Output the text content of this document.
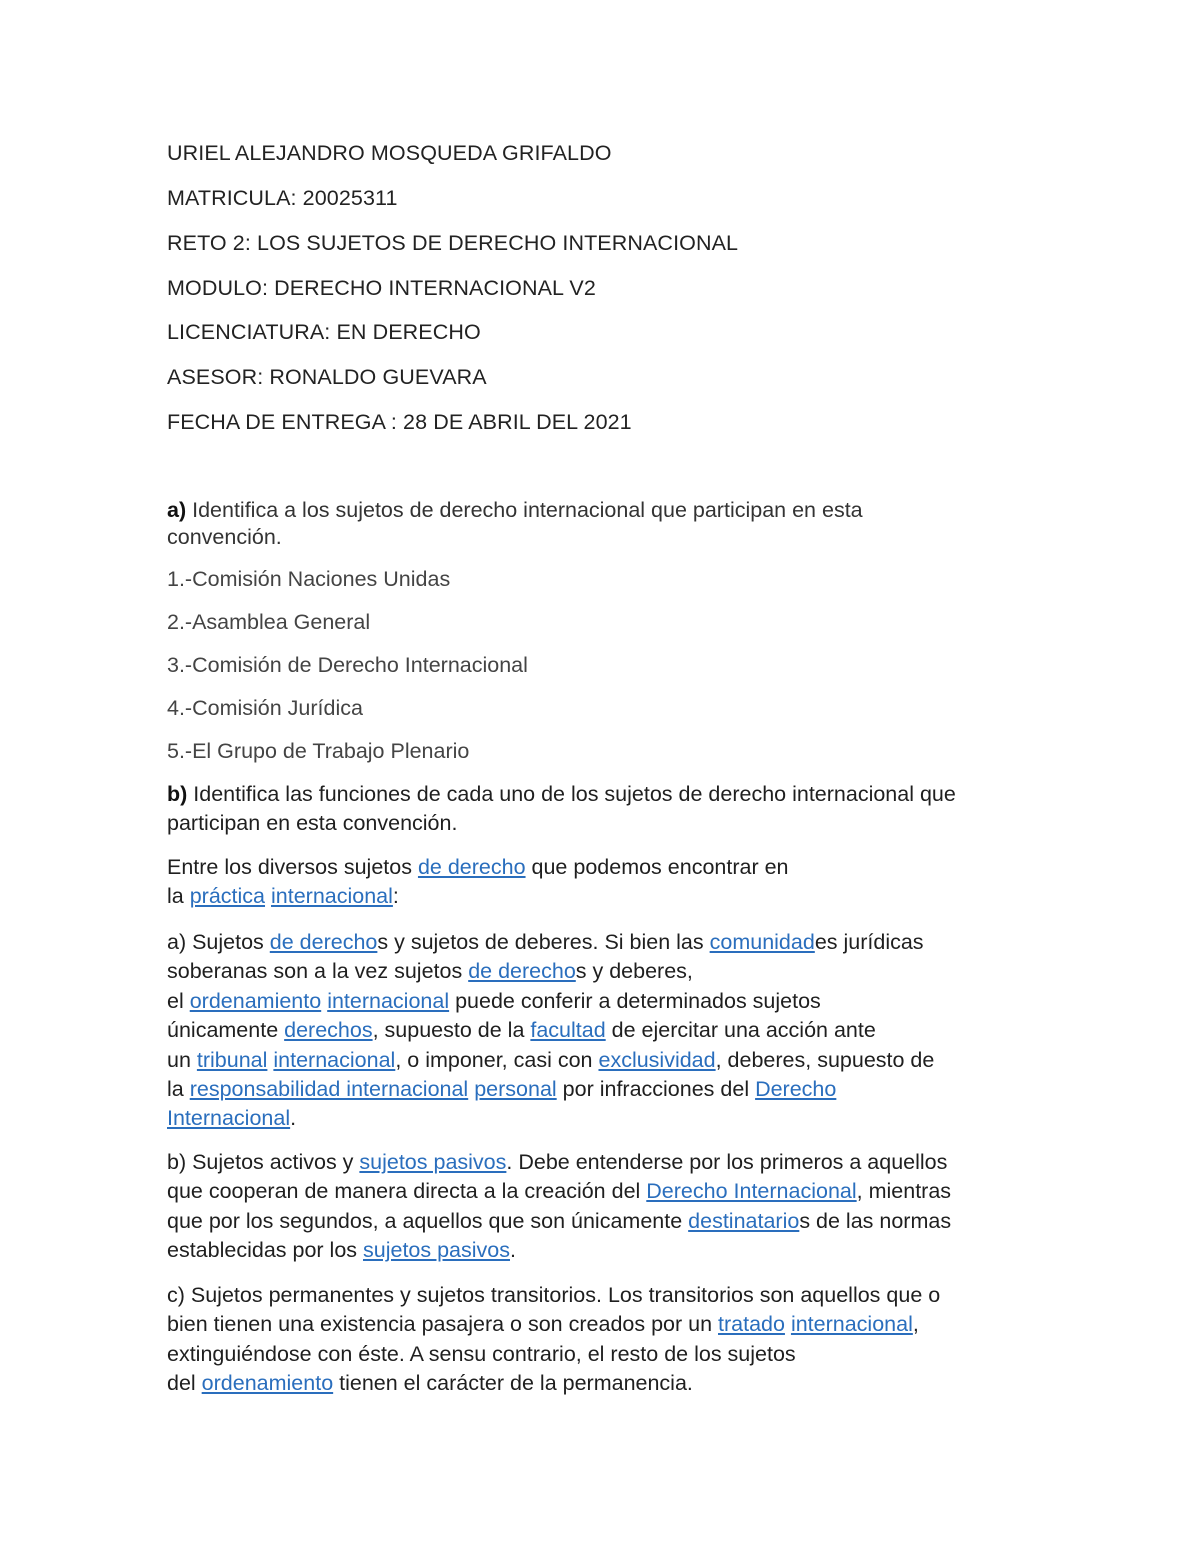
URIEL ALEJANDRO MOSQUEDA GRIFALDO
MATRICULA: 20025311
RETO 2: LOS SUJETOS DE DERECHO INTERNACIONAL
MODULO: DERECHO INTERNACIONAL V2
LICENCIATURA: EN DERECHO
ASESOR: RONALDO GUEVARA
FECHA DE ENTREGA : 28 DE ABRIL DEL 2021
a) Identifica a los sujetos de derecho internacional que participan en esta
convención.
1.-Comisión Naciones Unidas
2.-Asamblea General
3.-Comisión de Derecho Internacional
4.-Comisión Jurídica
5.-El Grupo de Trabajo Plenario
b) Identifica las funciones de cada uno de los sujetos de derecho internacional que
participan en esta convención.
Entre los diversos sujetos de derecho que podemos encontrar en
la práctica internacional:
a) Sujetos de derechos y sujetos de deberes. Si bien las comunidades jurídicas
soberanas son a la vez sujetos de derechos y deberes,
el ordenamiento internacional puede conferir a determinados sujetos
únicamente derechos, supuesto de la facultad de ejercitar una acción ante
un tribunal internacional, o imponer, casi con exclusividad, deberes, supuesto de
la responsabilidad internacional personal por infracciones del Derecho
Internacional.
b) Sujetos activos y sujetos pasivos. Debe entenderse por los primeros a aquellos
que cooperan de manera directa a la creación del Derecho Internacional, mientras
que por los segundos, a aquellos que son únicamente destinatarios de las normas
establecidas por los sujetos pasivos.
c) Sujetos permanentes y sujetos transitorios. Los transitorios son aquellos que o
bien tienen una existencia pasajera o son creados por un tratado internacional,
extinguiéndose con éste. A sensu contrario, el resto de los sujetos
del ordenamiento tienen el carácter de la permanencia.
